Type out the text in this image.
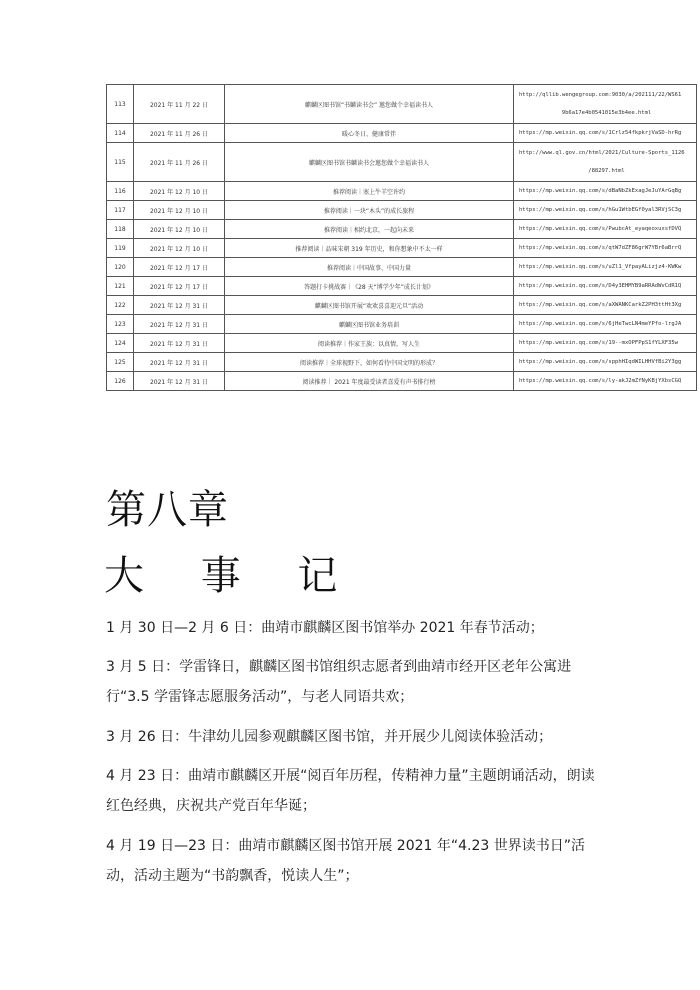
113	2021 年 11 月 22 日	麒麟区图书馆“书麟读书会” 邀您做个幸福读书人	http://qllib.wengegroup.com:9030/a/202111/22/WS61
9b6a17e4b0541015e3b4ee.html

114	2021 年 11 月 26 日	暖心冬日、健康常伴	https://mp.weixin.qq.com/s/1Crlz54fkpkrjVaSD-hrRg
115	2021 年 11 月 26 日	麒麟区图书馆书麟读书会邀您做个幸福读书人	http://www.ql.gov.cn/html/2021/Culture-Sports_1126
/88297.html

116	2021 年 12 月 10 日	推荐阅读｜塞上牛羊空许约	https://mp.weixin.qq.com/s/dBaNbZkExagJeJuYArGqBg
117	2021 年 12 月 10 日	推荐阅读｜一块“木头”的成长旅程	https://mp.weixin.qq.com/s/hGu1WtbEGf0yal3RVjSC3g
118	2021 年 12 月 10 日	推荐阅读｜相约北京，一起向未来	https://mp.weixin.qq.com/s/PwubcAt_eyaqeoxuxsfDVQ
119	2021 年 12 月 10 日	推荐阅读｜品味宋朝 319 年历史，和你想象中不太一样	https://mp.weixin.qq.com/s/qtW7dZF86grW7YBr6aBrrQ
120	2021 年 12 月 17 日	推荐阅读｜中国故事、中国力量	https://mp.weixin.qq.com/s/uZl1_VfpayALizjz4-KWKw
121	2021 年 12 月 17 日	答题打卡挑战赛｜《28 天“博学少年”成长计划》	https://mp.weixin.qq.com/s/D4y3EHMYB9aRRAdWvCdR1Q
122	2021 年 12 月 31 日	麒麟区图书馆开展“欢欢喜喜迎元旦”活动	https://mp.weixin.qq.com/s/aXWANKCarkZ2PH3ttHt3Xg
123	2021 年 12 月 31 日	麒麟区图书馆业务培训	https://mp.weixin.qq.com/s/6jHeTwcLN4meYPfo-lrgJA
124	2021 年 12 月 31 日	阅读推荐｜作家王族：以真情，写人生	https://mp.weixin.qq.com/s/19--mxOPFPpS1fYLXF35w
125	2021 年 12 月 31 日	阅读推荐｜全球视野下，如何看待中国文明的形成？	https://mp.weixin.qq.com/s/spphHIqdWILHHVfBi2Y3gg
126	2021 年 12 月 31 日	阅读推荐｜ 2021 年度最受读者喜爱有声书排行榜	https://mp.weixin.qq.com/s/ly-akJ2mZfNyKBjYXbsCGQ
第八章
大 事 记

1 月 30 日—2 月 6 日：曲靖市麒麟区图书馆举办 2021 年春节活动；

3 月 5 日：学雷锋日，麒麟区图书馆组织志愿者到曲靖市经开区老年公寓进行“3.5 学雷锋志愿服务活动”，与老人同语共欢；

3 月 26 日：牛津幼儿园参观麒麟区图书馆，并开展少儿阅读体验活动；

4 月 23 日：曲靖市麒麟区开展“阅百年历程，传精神力量”主题朗诵活动，朗读红色经典，庆祝共产党百年华诞；

4 月 19 日—23 日：曲靖市麒麟区图书馆开展 2021 年“4.23 世界读书日”活动，活动主题为“书韵飘香，悦读人生”；
